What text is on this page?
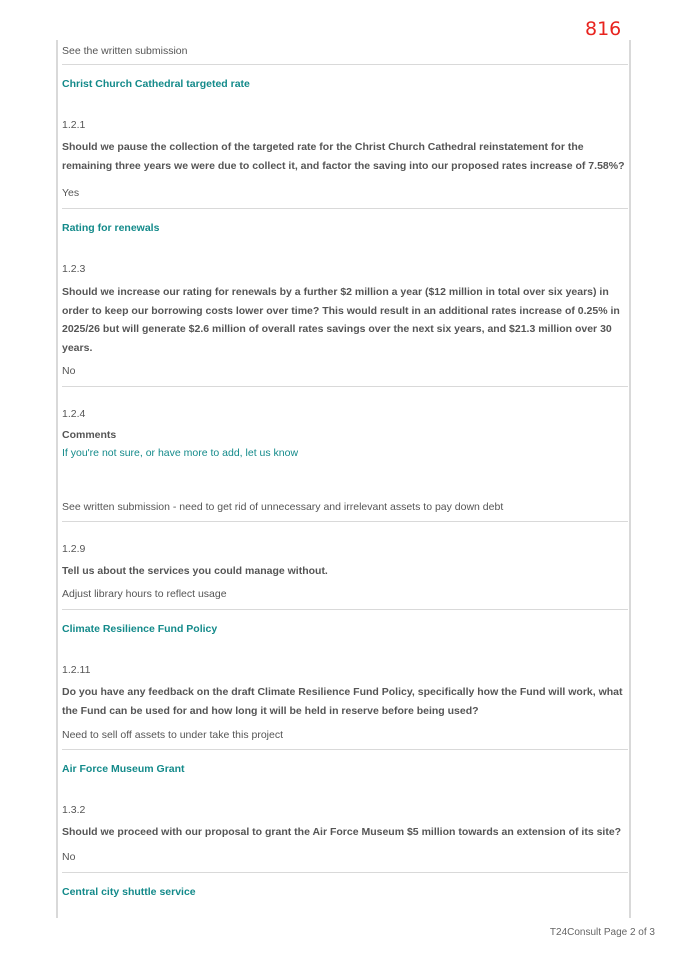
816
See the written submission
Christ Church Cathedral targeted rate
1.2.1
Should we pause the collection of the targeted rate for the Christ Church Cathedral reinstatement for the remaining three years we were due to collect it, and factor the saving into our proposed rates increase of 7.58%?
Yes
Rating for renewals
1.2.3
Should we increase our rating for renewals by a further $2 million a year ($12 million in total over six years) in order to keep our borrowing costs lower over time? This would result in an additional rates increase of 0.25% in 2025/26 but will generate $2.6 million of overall rates savings over the next six years, and $21.3 million over 30 years.
No
1.2.4
Comments
If you're not sure, or have more to add, let us know
See written submission - need to get rid of unnecessary and irrelevant assets to pay down debt
1.2.9
Tell us about the services you could manage without.
Adjust library hours to reflect usage
Climate Resilience Fund Policy
1.2.11
Do you have any feedback on the draft Climate Resilience Fund Policy, specifically how the Fund will work, what the Fund can be used for and how long it will be held in reserve before being used?
Need to sell off assets to under take this project
Air Force Museum Grant
1.3.2
Should we proceed with our proposal to grant the Air Force Museum $5 million towards an extension of its site?
No
Central city shuttle service
T24Consult Page 2 of 3
